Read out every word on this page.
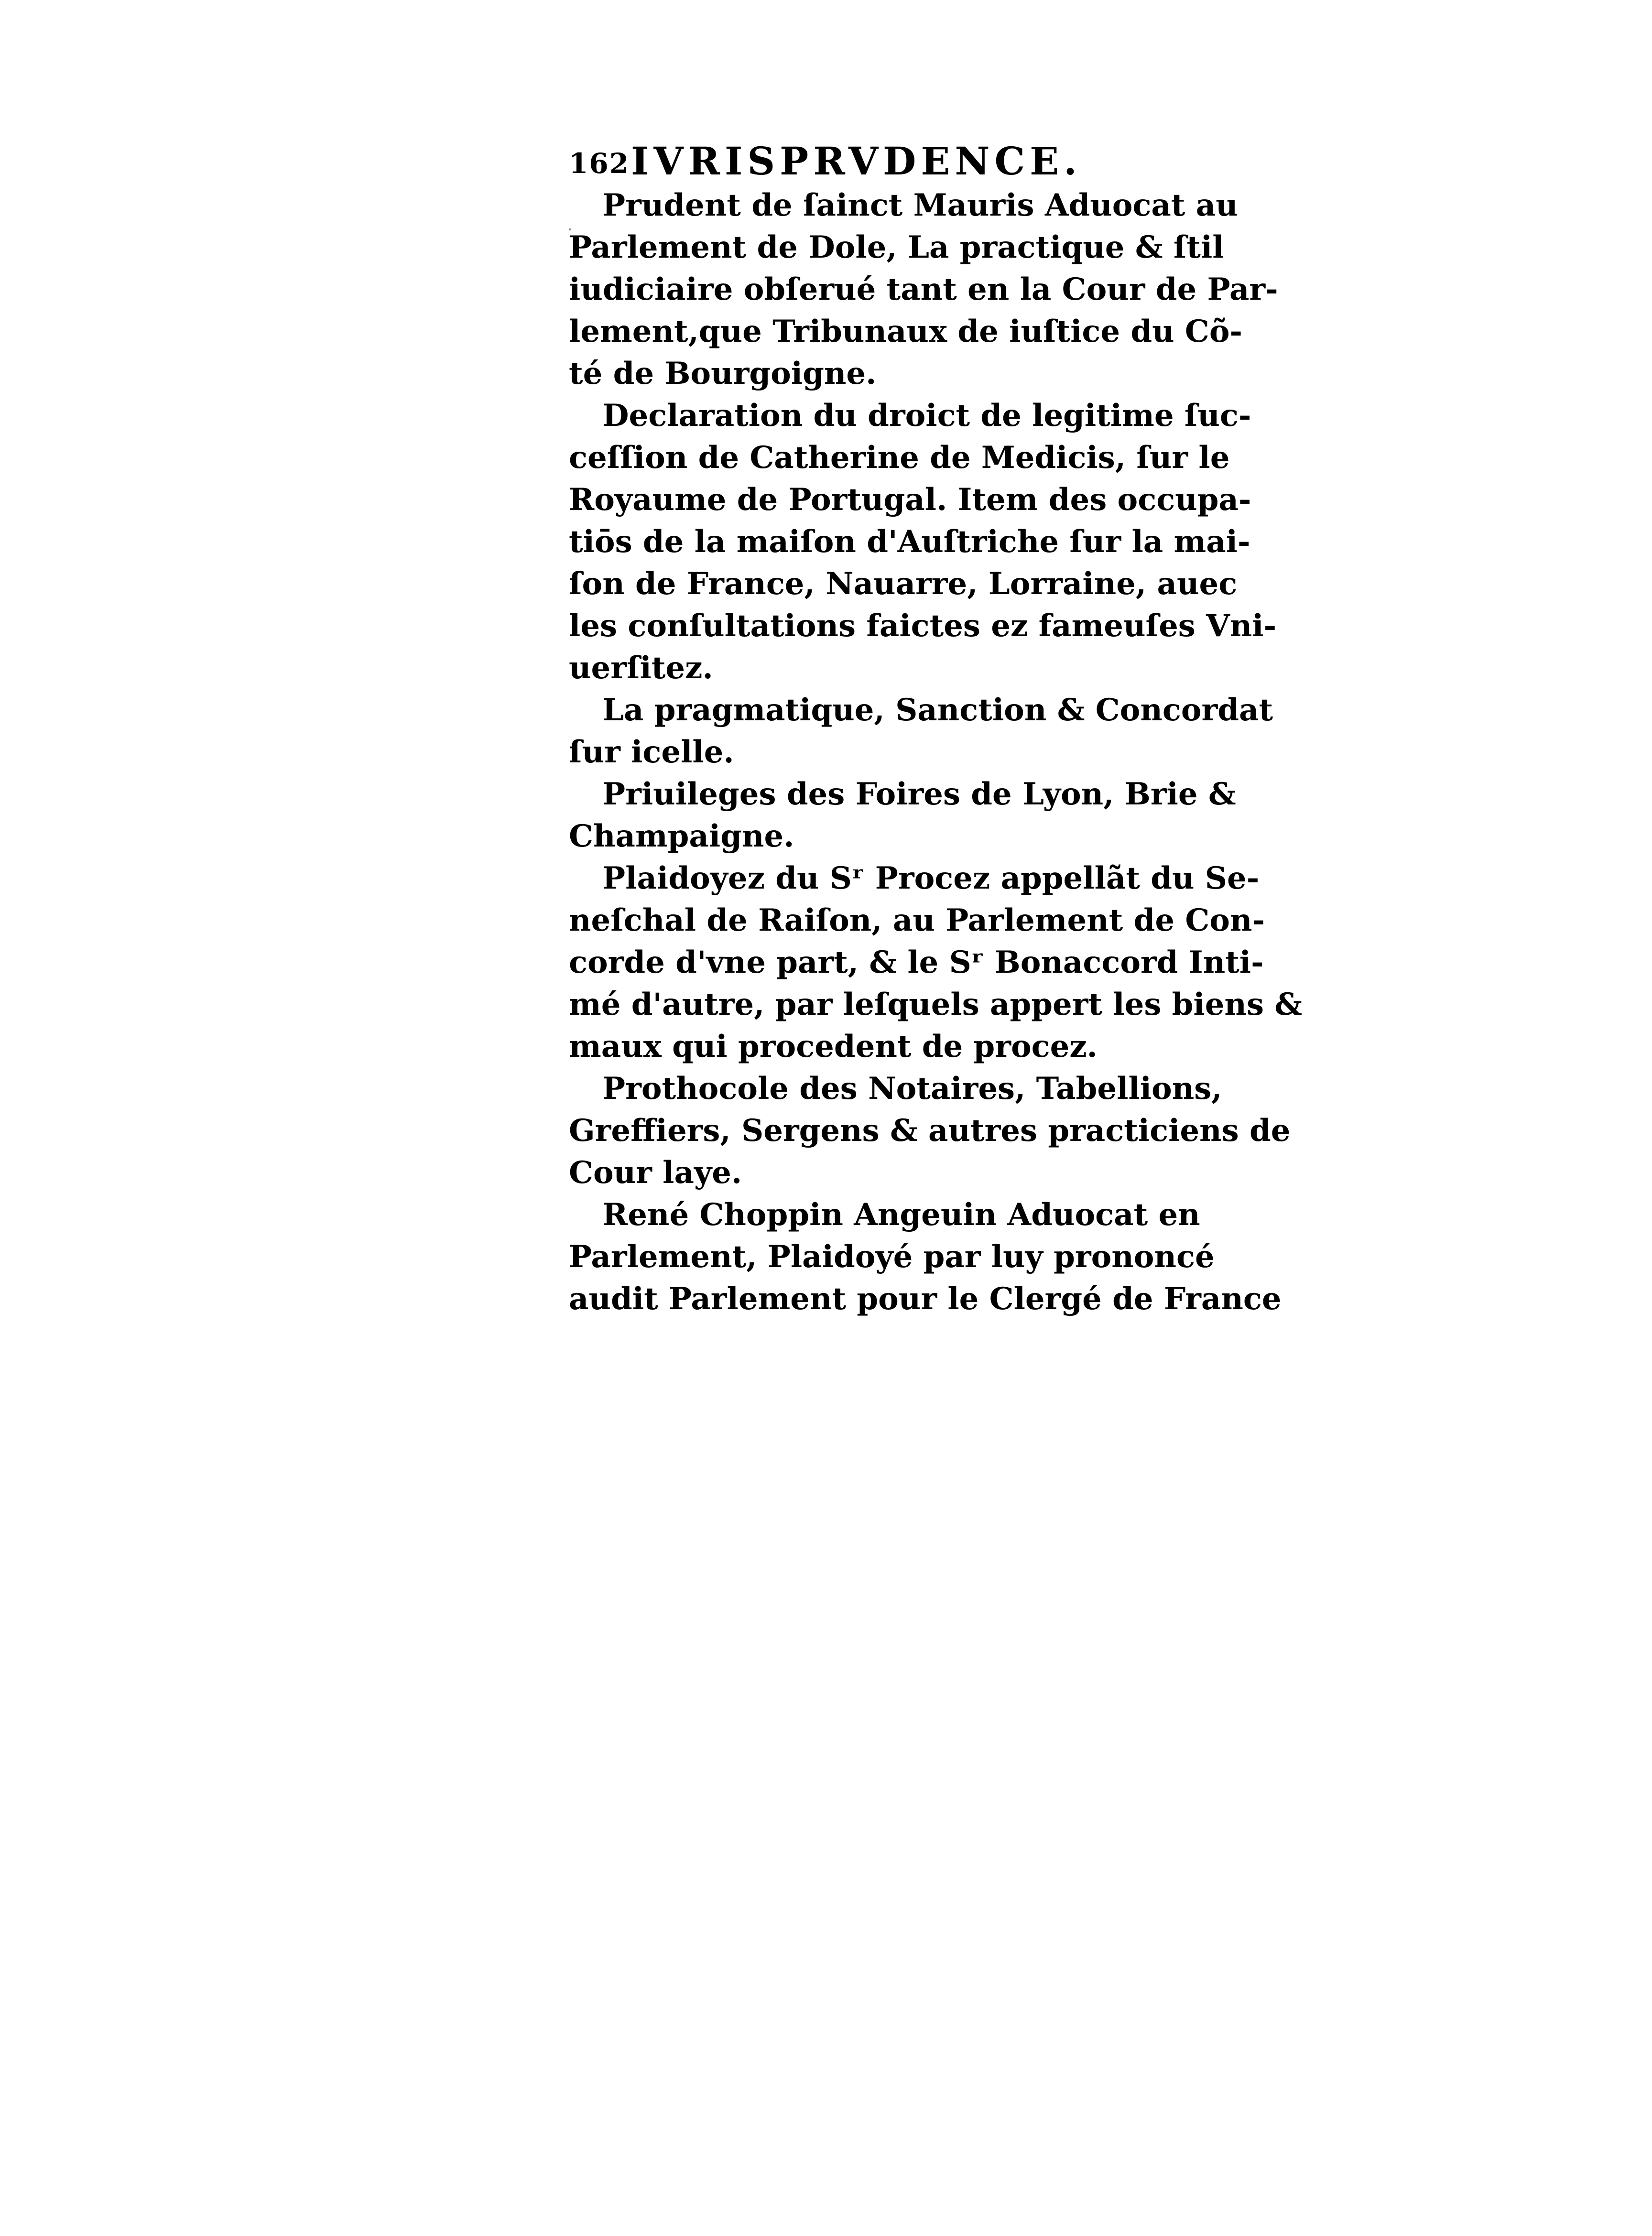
162 IVRISPRVDENCE.
Prudent de ſainct Mauris Aduocat au
Parlement de Dole, La practique & ſtil
iudiciaire obſerué tant en la Cour de Par-
lement,que Tribunaux de iuſtice du Cõ-
té de Bourgoigne.
Declaration du droict de legitime ſuc-
ceſſion de Catherine de Medicis, ſur le
Royaume de Portugal. Item des occupa-
tiōs de la maiſon d'Auſtriche ſur la mai-
ſon de France, Nauarre, Lorraine, auec
les conſultations faictes ez fameuſes Vni-
uerſitez.
La pragmatique, Sanction & Concordat
ſur icelle.
Priuileges des Foires de Lyon, Brie &
Champaigne.
Plaidoyez du Sʳ Procez appellãt du Se-
neſchal de Raiſon, au Parlement de Con-
corde d'vne part, & le Sʳ Bonaccord Inti-
mé d'autre, par leſquels appert les biens &
maux qui procedent de procez.
Prothocole des Notaires, Tabellions,
Greffiers, Sergens & autres practiciens de
Cour laye.
René Choppin Angeuin Aduocat en
Parlement, Plaidoyé par luy prononcé
audit Parlement pour le Clergé de France
